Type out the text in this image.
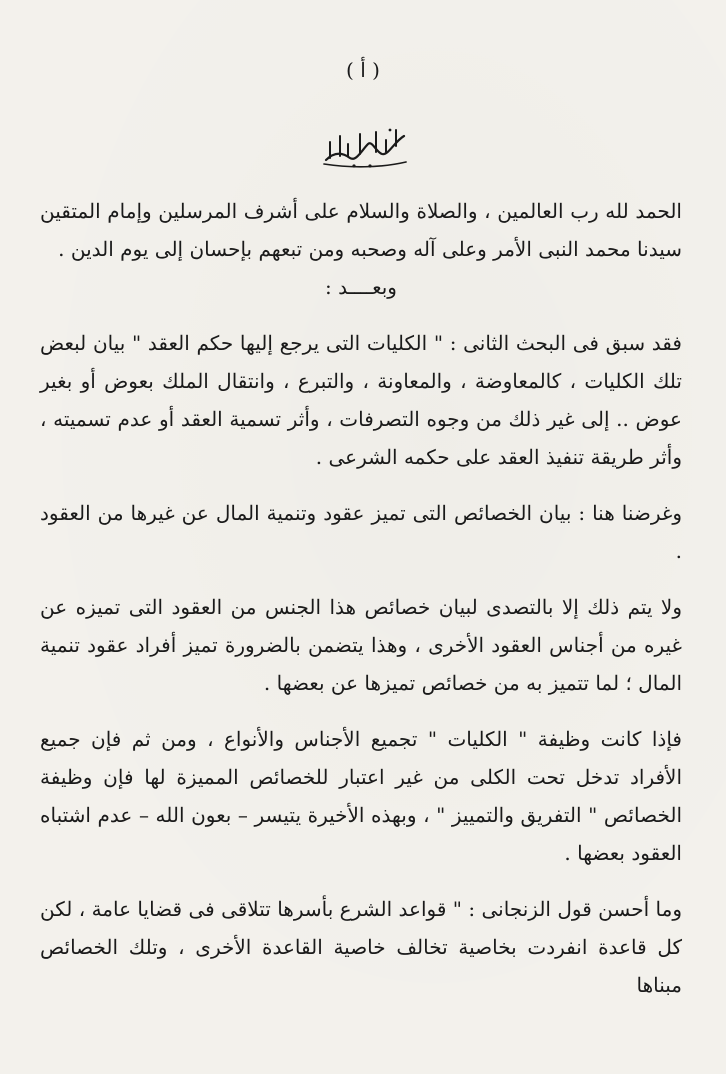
( أ )

الحمد لله رب العالمين ، والصلاة والسلام على أشرف المرسلين وإمام المتقين سيدنا محمد النبى الأمر وعلى آله وصحبه ومن تبعهم بإحسان إلى يوم الدين .

وبعــــد :

فقد سبق فى البحث الثانى : " الكليات التى يرجع إليها حكم العقد " بيان لبعض تلك الكليات ، كالمعاوضة ، والمعاونة ، والتبرع ، وانتقال الملك بعوض أو بغير عوض .. إلى غير ذلك من وجوه التصرفات ، وأثر تسمية العقد أو عدم تسميته ، وأثر طريقة تنفيذ العقد على حكمه الشرعى .

وغرضنا هنا : بيان الخصائص التى تميز عقود وتنمية المال عن غيرها من العقود .

ولا يتم ذلك إلا بالتصدى لبيان خصائص هذا الجنس من العقود التى تميزه عن غيره من أجناس العقود الأخرى ، وهذا يتضمن بالضرورة تميز أفراد عقود تنمية المال ؛ لما تتميز به من خصائص تميزها عن بعضها .

فإذا كانت وظيفة " الكليات " تجميع الأجناس والأنواع ، ومن ثم فإن جميع الأفراد تدخل تحت الكلى من غير اعتبار للخصائص المميزة لها فإن وظيفة الخصائص " التفريق والتمييز " ، وبهذه الأخيرة يتيسر – بعون الله – عدم اشتباه العقود بعضها .

وما أحسن قول الزنجانى : " قواعد الشرع بأسرها تتلاقى فى قضايا عامة ، لكن كل قاعدة انفردت بخاصية تخالف خاصية القاعدة الأخرى ، وتلك الخصائص مبناها
